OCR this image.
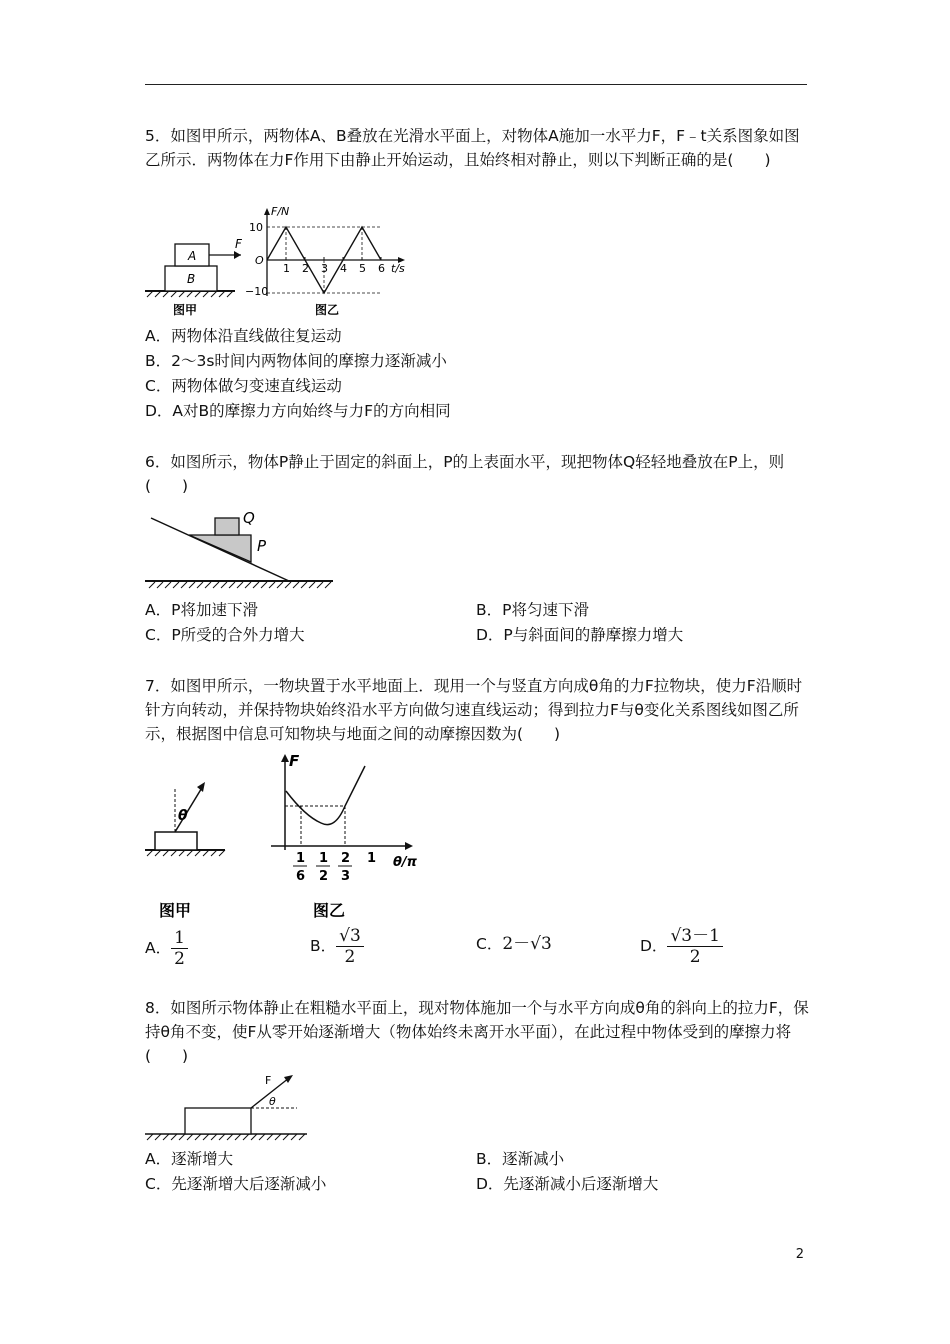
5．如图甲所示，两物体A、B叠放在光滑水平面上，对物体A施加一水平力F，F﹣t关系图象如图乙所示．两物体在力F作用下由静止开始运动，且始终相对静止，则以下判断正确的是(　　)
A
B
F
图甲
F/N
t/s
10
−10
O
1 2 3 4 5 6
图乙
A．两物体沿直线做往复运动
B．2～3s时间内两物体间的摩擦力逐渐减小
C．两物体做匀变速直线运动
D．A对B的摩擦力方向始终与力F的方向相同
6．如图所示，物体P静止于固定的斜面上，P的上表面水平，现把物体Q轻轻地叠放在P上，则(　　)
Q
P
A．P将加速下滑	B．P将匀速下滑
C．P所受的合外力增大	D．P与斜面间的静摩擦力增大
7．如图甲所示，一物块置于水平地面上．现用一个与竖直方向成θ角的力F拉物块，使力F沿顺时针方向转动，并保持物块始终沿水平方向做匀速直线运动；得到拉力F与θ变化关系图线如图乙所示，根据图中信息可知物块与地面之间的动摩擦因数为(　　)
θ
图甲
F
θ/π
1
6
1
2
2
3
1
图乙
A． $\frac{1}{2}$	B． $\frac{√3}{2}$	C．2－√3	D． $\frac{√3-1}{2}$
8．如图所示物体静止在粗糙水平面上，现对物体施加一个与水平方向成θ角的斜向上的拉力F，保持θ角不变，使F从零开始逐渐增大（物体始终未离开水平面），在此过程中物体受到的摩擦力将(　　)
F
θ
A．逐渐增大	B．逐渐减小
C．先逐渐增大后逐渐减小	D．先逐渐减小后逐渐增大
2
